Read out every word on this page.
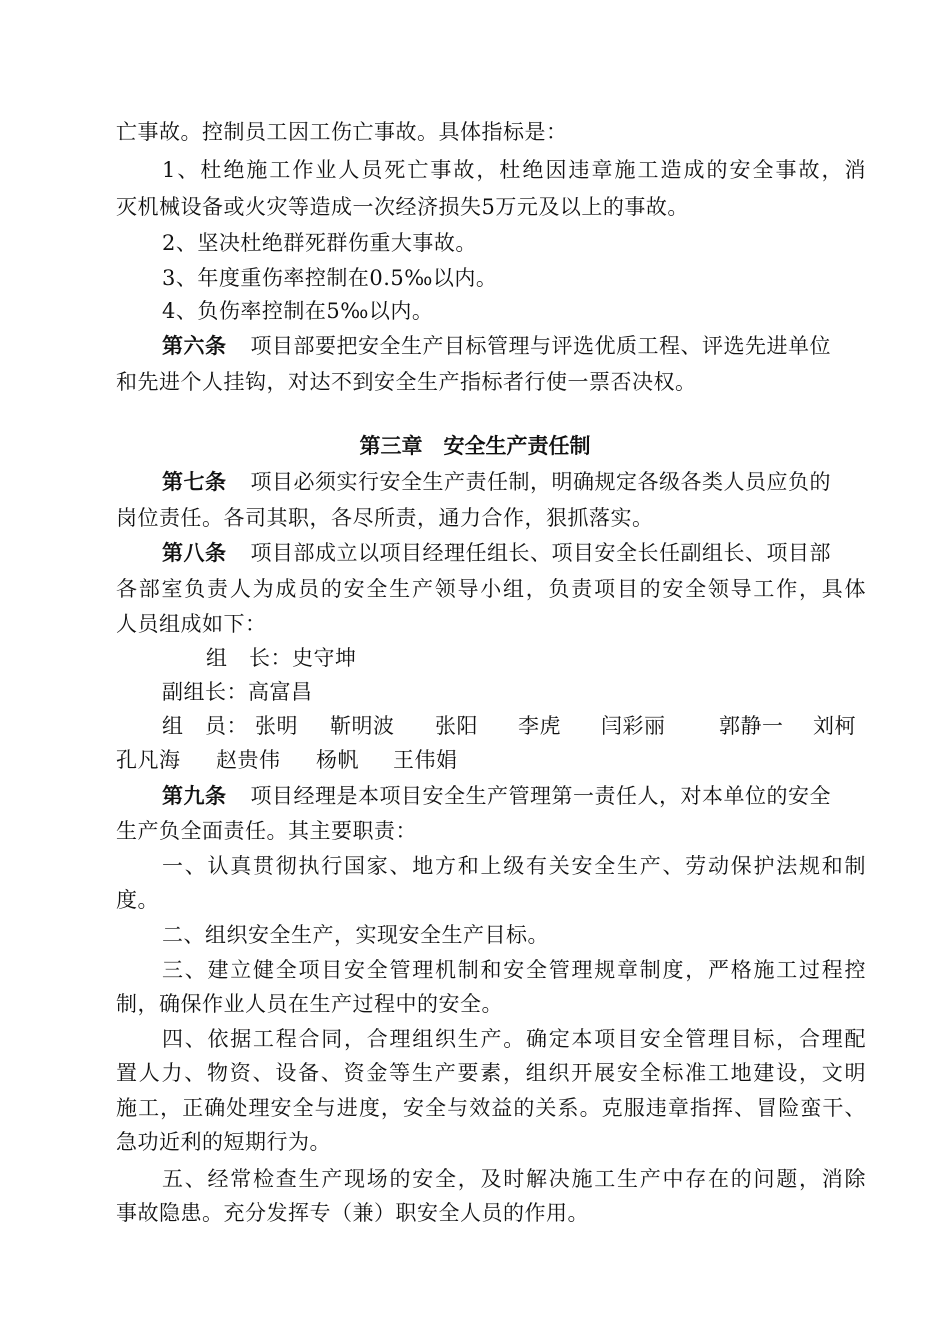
亡事故。控制员工因工伤亡事故。具体指标是：
1、杜绝施工作业人员死亡事故，杜绝因违章施工造成的安全事故，消
灭机械设备或火灾等造成一次经济损失5万元及以上的事故。
2、坚决杜绝群死群伤重大事故。
3、年度重伤率控制在0.5‰以内。
4、负伤率控制在5‰以内。
第六条 项目部要把安全生产目标管理与评选优质工程、评选先进单位
和先进个人挂钩，对达不到安全生产指标者行使一票否决权。
第三章　安全生产责任制
第七条 项目必须实行安全生产责任制，明确规定各级各类人员应负的
岗位责任。各司其职，各尽所责，通力合作，狠抓落实。
第八条 项目部成立以项目经理任组长、项目安全长任副组长、项目部
各部室负责人为成员的安全生产领导小组，负责项目的安全领导工作，具体
人员组成如下：
组　长：史守坤
副组长：高富昌
组　员： 张明	靳明波	张阳	李虎	闫彩丽	郭静一	刘柯
孔凡海	赵贵伟	杨帆	王伟娟
第九条 项目经理是本项目安全生产管理第一责任人，对本单位的安全
生产负全面责任。其主要职责：
一、认真贯彻执行国家、地方和上级有关安全生产、劳动保护法规和制
度。
二、组织安全生产，实现安全生产目标。
三、建立健全项目安全管理机制和安全管理规章制度，严格施工过程控
制，确保作业人员在生产过程中的安全。
四、依据工程合同，合理组织生产。确定本项目安全管理目标，合理配
置人力、物资、设备、资金等生产要素，组织开展安全标准工地建设，文明
施工，正确处理安全与进度，安全与效益的关系。克服违章指挥、冒险蛮干、
急功近利的短期行为。
五、经常检查生产现场的安全，及时解决施工生产中存在的问题，消除
事故隐患。充分发挥专（兼）职安全人员的作用。
